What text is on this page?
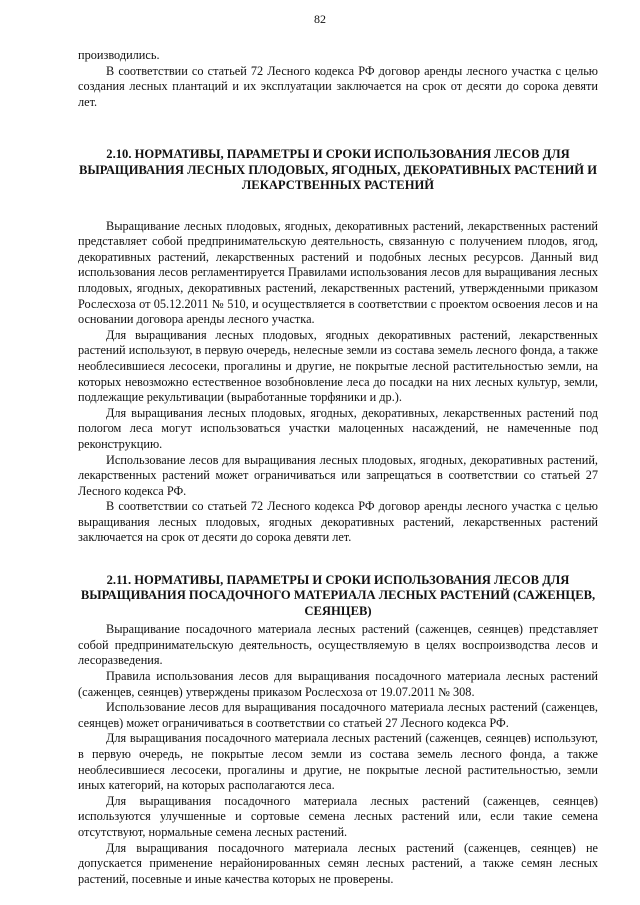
82

производились.

В соответствии со статьей 72 Лесного кодекса РФ договор аренды лесного участка с целью создания лесных плантаций и их эксплуатации заключается на срок от десяти до сорока девяти лет.

2.10. НОРМАТИВЫ, ПАРАМЕТРЫ И СРОКИ ИСПОЛЬЗОВАНИЯ ЛЕСОВ ДЛЯ ВЫРАЩИВАНИЯ ЛЕСНЫХ ПЛОДОВЫХ, ЯГОДНЫХ, ДЕКОРАТИВНЫХ РАСТЕНИЙ И ЛЕКАРСТВЕННЫХ РАСТЕНИЙ

Выращивание лесных плодовых, ягодных, декоративных растений, лекарственных растений представляет собой предпринимательскую деятельность, связанную с получением плодов, ягод, декоративных растений, лекарственных растений и подобных лесных ресурсов. Данный вид использования лесов регламентируется Правилами использования лесов для выращивания лесных плодовых, ягодных, декоративных растений, лекарственных растений, утвержденными приказом Рослесхоза от 05.12.2011 № 510, и осуществляется в соответствии с проектом освоения лесов и на основании договора аренды лесного участка.

Для выращивания лесных плодовых, ягодных декоративных растений, лекарственных растений используют, в первую очередь, нелесные земли из состава земель лесного фонда, а также необлесившиеся лесосеки, прогалины и другие, не покрытые лесной растительностью земли, на которых невозможно естественное возобновление леса до посадки на них лесных культур, земли, подлежащие рекультивации (выработанные торфяники и др.).

Для выращивания лесных плодовых, ягодных, декоративных, лекарственных растений под пологом леса могут использоваться участки малоценных насаждений, не намеченные под реконструкцию.

Использование лесов для выращивания лесных плодовых, ягодных, декоративных растений, лекарственных растений может ограничиваться или запрещаться в соответствии со статьей 27 Лесного кодекса РФ.

В соответствии со статьей 72 Лесного кодекса РФ договор аренды лесного участка с целью выращивания лесных плодовых, ягодных декоративных растений, лекарственных растений заключается на срок от десяти до сорока девяти лет.

2.11. НОРМАТИВЫ, ПАРАМЕТРЫ И СРОКИ ИСПОЛЬЗОВАНИЯ ЛЕСОВ ДЛЯ ВЫРАЩИВАНИЯ ПОСАДОЧНОГО МАТЕРИАЛА ЛЕСНЫХ РАСТЕНИЙ (САЖЕНЦЕВ, СЕЯНЦЕВ)

Выращивание посадочного материала лесных растений (саженцев, сеянцев) представляет собой предпринимательскую деятельность, осуществляемую в целях воспроизводства лесов и лесоразведения.

Правила использования лесов для выращивания посадочного материала лесных растений (саженцев, сеянцев) утверждены приказом Рослесхоза от 19.07.2011 № 308.

Использование лесов для выращивания посадочного материала лесных растений (саженцев, сеянцев) может ограничиваться в соответствии со статьей 27 Лесного кодекса РФ.

Для выращивания посадочного материала лесных растений (саженцев, сеянцев) используют, в первую очередь, не покрытые лесом земли из состава земель лесного фонда, а также необлесившиеся лесосеки, прогалины и другие, не покрытые лесной растительностью, земли иных категорий, на которых располагаются леса.

Для выращивания посадочного материала лесных растений (саженцев, сеянцев) используются улучшенные и сортовые семена лесных растений или, если такие семена отсутствуют, нормальные семена лесных растений.

Для выращивания посадочного материала лесных растений (саженцев, сеянцев) не допускается применение нерайонированных семян лесных растений, а также семян лесных растений, посевные и иные качества которых не проверены.
